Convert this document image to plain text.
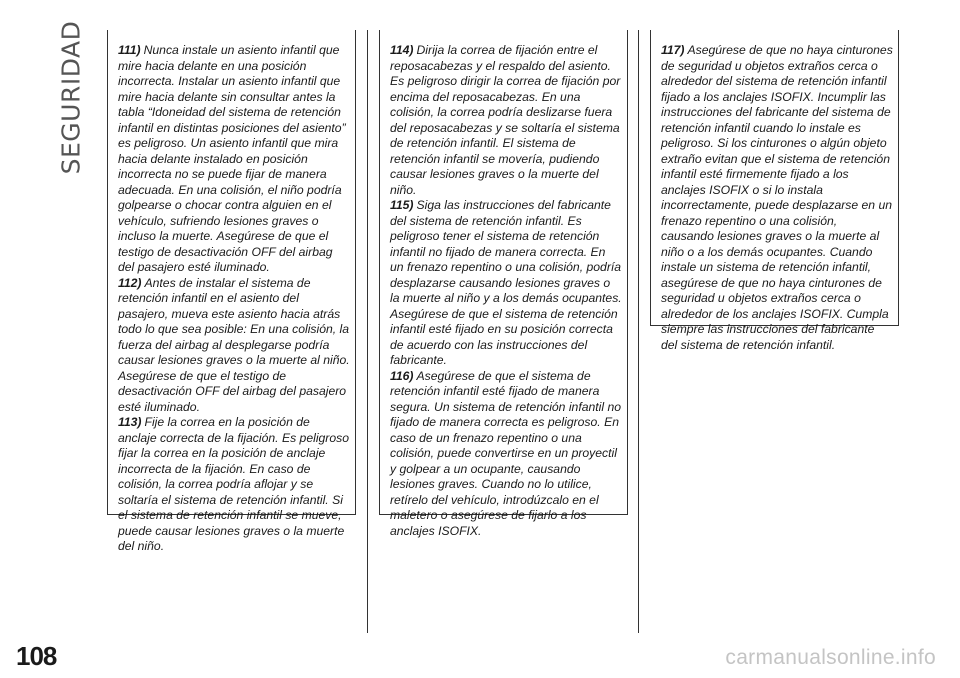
SEGURIDAD
108

111) Nunca instale un asiento infantil que mire hacia delante en una posición incorrecta. Instalar un asiento infantil que mire hacia delante sin consultar antes la tabla “Idoneidad del sistema de retención infantil en distintas posiciones del asiento” es peligroso. Un asiento infantil que mira hacia delante instalado en posición incorrecta no se puede fijar de manera adecuada. En una colisión, el niño podría golpearse o chocar contra alguien en el vehículo, sufriendo lesiones graves o incluso la muerte. Asegúrese de que el testigo de desactivación OFF del airbag del pasajero esté iluminado.

112) Antes de instalar el sistema de retención infantil en el asiento del pasajero, mueva este asiento hacia atrás todo lo que sea posible: En una colisión, la fuerza del airbag al desplegarse podría causar lesiones graves o la muerte al niño. Asegúrese de que el testigo de desactivación OFF del airbag del pasajero esté iluminado.

113) Fije la correa en la posición de anclaje correcta de la fijación. Es peligroso fijar la correa en la posición de anclaje incorrecta de la fijación. En caso de colisión, la correa podría aflojar y se soltaría el sistema de retención infantil. Si el sistema de retención infantil se mueve, puede causar lesiones graves o la muerte del niño.

114) Dirija la correa de fijación entre el reposacabezas y el respaldo del asiento. Es peligroso dirigir la correa de fijación por encima del reposacabezas. En una colisión, la correa podría deslizarse fuera del reposacabezas y se soltaría el sistema de retención infantil. El sistema de retención infantil se movería, pudiendo causar lesiones graves o la muerte del niño.

115) Siga las instrucciones del fabricante del sistema de retención infantil. Es peligroso tener el sistema de retención infantil no fijado de manera correcta. En un frenazo repentino o una colisión, podría desplazarse causando lesiones graves o la muerte al niño y a los demás ocupantes. Asegúrese de que el sistema de retención infantil esté fijado en su posición correcta de acuerdo con las instrucciones del fabricante.

116) Asegúrese de que el sistema de retención infantil esté fijado de manera segura. Un sistema de retención infantil no fijado de manera correcta es peligroso. En caso de un frenazo repentino o una colisión, puede convertirse en un proyectil y golpear a un ocupante, causando lesiones graves. Cuando no lo utilice, retírelo del vehículo, introdúzcalo en el maletero o asegúrese de fijarlo a los anclajes ISOFIX.

117) Asegúrese de que no haya cinturones de seguridad u objetos extraños cerca o alrededor del sistema de retención infantil fijado a los anclajes ISOFIX. Incumplir las instrucciones del fabricante del sistema de retención infantil cuando lo instale es peligroso. Si los cinturones o algún objeto extraño evitan que el sistema de retención infantil esté firmemente fijado a los anclajes ISOFIX o si lo instala incorrectamente, puede desplazarse en un frenazo repentino o una colisión, causando lesiones graves o la muerte al niño o a los demás ocupantes. Cuando instale un sistema de retención infantil, asegúrese de que no haya cinturones de seguridad u objetos extraños cerca o alrededor de los anclajes ISOFIX. Cumpla siempre las instrucciones del fabricante del sistema de retención infantil.

carmanualsonline.info
